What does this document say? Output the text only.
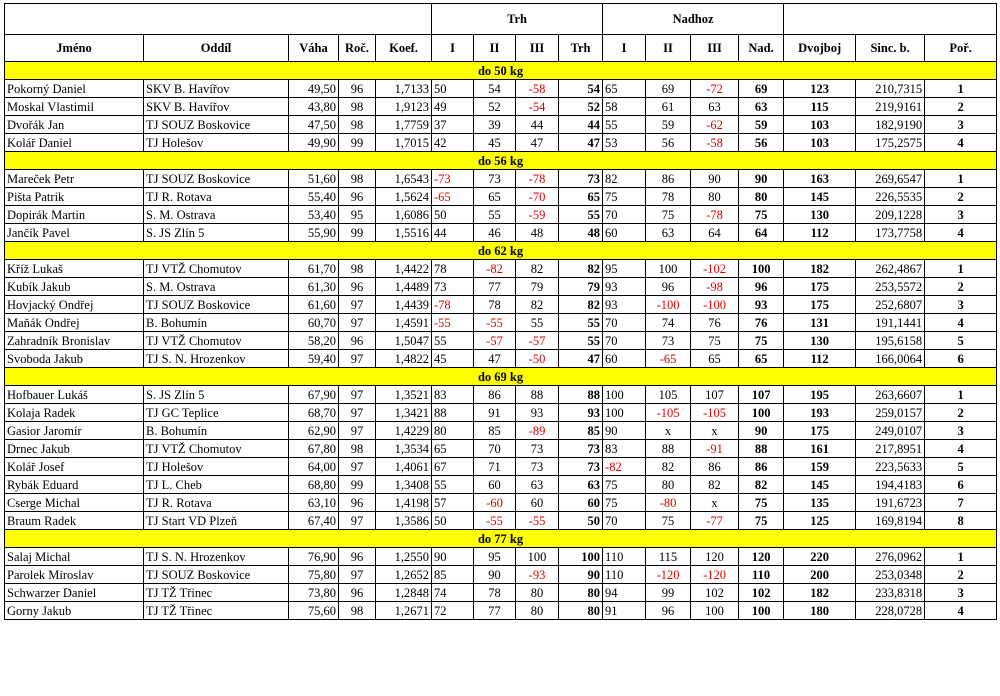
					Trh				Nadhoz						
Jméno	Oddíl	Váha	Roč.	Koef.	I	II	III	Trh	I	II	III	Nad.	Dvojboj	Sinc. b.	Poř.
do 50 kg															
Pokorný Daniel	SKV B. Havířov	49,50	96	1,7133	50	54	-58	54	65	69	-72	69	123	210,7315	1
Moskal Vlastimil	SKV B. Havířov	43,80	98	1,9123	49	52	-54	52	58	61	63	63	115	219,9161	2
Dvořák Jan	TJ SOUZ Boskovice	47,50	98	1,7759	37	39	44	44	55	59	-62	59	103	182,9190	3
Kolář Daniel	TJ Holešov	49,90	99	1,7015	42	45	47	47	53	56	-58	56	103	175,2575	4
do 56 kg															
Mareček Petr	TJ SOUZ Boskovice	51,60	98	1,6543	-73	73	-78	73	82	86	90	90	163	269,6547	1
Pišta Patrik	TJ R. Rotava	55,40	96	1,5624	-65	65	-70	65	75	78	80	80	145	226,5535	2
Dopirák Martin	S. M. Ostrava	53,40	95	1,6086	50	55	-59	55	70	75	-78	75	130	209,1228	3
Jančík Pavel	S. JS Zlín 5	55,90	99	1,5516	44	46	48	48	60	63	64	64	112	173,7758	4
do 62 kg															
Kříž Lukaš	TJ VTŽ Chomutov	61,70	98	1,4422	78	-82	82	82	95	100	-102	100	182	262,4867	1
Kubík Jakub	S. M. Ostrava	61,30	96	1,4489	73	77	79	79	93	96	-98	96	175	253,5572	2
Hovjacký Ondřej	TJ SOUZ Boskovice	61,60	97	1,4439	-78	78	82	82	93	-100	-100	93	175	252,6807	3
Maňák Ondřej	B. Bohumín	60,70	97	1,4591	-55	-55	55	55	70	74	76	76	131	191,1441	4
Zahradník Bronislav	TJ VTŽ Chomutov	58,20	96	1,5047	55	-57	-57	55	70	73	75	75	130	195,6158	5
Svoboda Jakub	TJ S. N. Hrozenkov	59,40	97	1,4822	45	47	-50	47	60	-65	65	65	112	166,0064	6
do 69 kg															
Hofbauer Lukáš	S. JS Zlín 5	67,90	97	1,3521	83	86	88	88	100	105	107	107	195	263,6607	1
Kolaja Radek	TJ GC Teplice	68,70	97	1,3421	88	91	93	93	100	-105	-105	100	193	259,0157	2
Gasior Jaromír	B. Bohumín	62,90	97	1,4229	80	85	-89	85	90	x	x	90	175	249,0107	3
Drnec Jakub	TJ VTŽ Chomutov	67,80	98	1,3534	65	70	73	73	83	88	-91	88	161	217,8951	4
Kolář Josef	TJ Holešov	64,00	97	1,4061	67	71	73	73	-82	82	86	86	159	223,5633	5
Rybák Eduard	TJ L. Cheb	68,80	99	1,3408	55	60	63	63	75	80	82	82	145	194,4183	6
Cserge Michal	TJ R. Rotava	63,10	96	1,4198	57	-60	60	60	75	-80	x	75	135	191,6723	7
Braum Radek	TJ Start VD Plzeň	67,40	97	1,3586	50	-55	-55	50	70	75	-77	75	125	169,8194	8
do 77 kg															
Salaj Michal	TJ S. N. Hrozenkov	76,90	96	1,2550	90	95	100	100	110	115	120	120	220	276,0962	1
Parolek Miroslav	TJ SOUZ Boskovice	75,80	97	1,2652	85	90	-93	90	110	-120	-120	110	200	253,0348	2
Schwarzer Daniel	TJ TŽ Třinec	73,80	96	1,2848	74	78	80	80	94	99	102	102	182	233,8318	3
Gorny Jakub	TJ TŽ Třinec	75,60	98	1,2671	72	77	80	80	91	96	100	100	180	228,0728	4
